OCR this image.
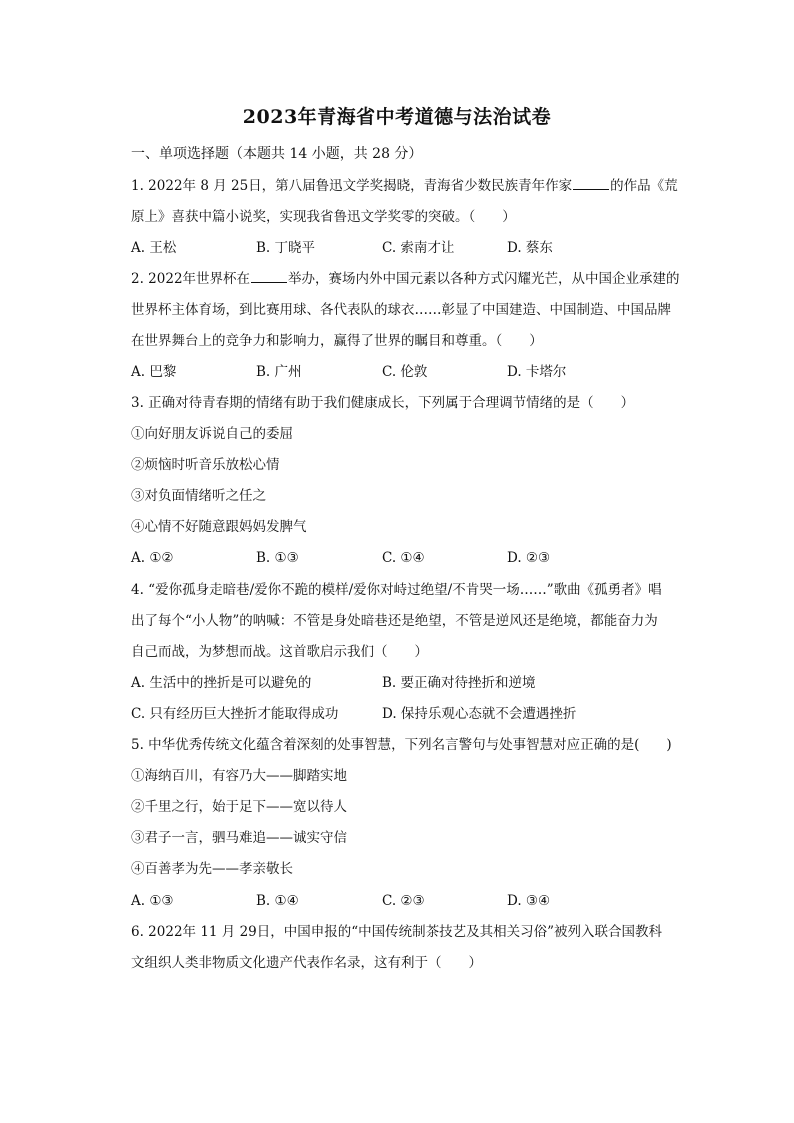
2023年青海省中考道德与法治试卷
一、单项选择题（本题共 14 小题，共 28 分）
1. 2022年 8 月 25日，第八届鲁迅文学奖揭晓，青海省少数民族青年作家	的作品《荒
原上》喜获中篇小说奖，实现我省鲁迅文学奖零的突破。（　　）
A. 王松	B. 丁晓平	C. 索南才让	D. 蔡东
2. 2022年世界杯在	举办，赛场内外中国元素以各种方式闪耀光芒，从中国企业承建的
世界杯主体育场，到比赛用球、各代表队的球衣……彰显了中国建造、中国制造、中国品牌
在世界舞台上的竞争力和影响力，赢得了世界的瞩目和尊重。（　　）
A. 巴黎	B. 广州	C. 伦敦	D. 卡塔尔
3. 正确对待青春期的情绪有助于我们健康成长，下列属于合理调节情绪的是（　　）
①向好朋友诉说自己的委屈
②烦恼时听音乐放松心情
③对负面情绪听之任之
④心情不好随意跟妈妈发脾气
A. ①②	B. ①③	C. ①④	D. ②③
4. “爱你孤身走暗巷/爱你不跪的模样/爱你对峙过绝望/不肯哭一场……”歌曲《孤勇者》唱
出了每个“小人物”的呐喊：不管是身处暗巷还是绝望，不管是逆风还是绝境，都能奋力为
自己而战，为梦想而战。这首歌启示我们（　　）
A. 生活中的挫折是可以避免的	B. 要正确对待挫折和逆境
C. 只有经历巨大挫折才能取得成功	D. 保持乐观心态就不会遭遇挫折
5. 中华优秀传统文化蕴含着深刻的处事智慧，下列名言警句与处事智慧对应正确的是(　　)
①海纳百川，有容乃大——脚踏实地
②千里之行，始于足下——宽以待人
③君子一言，驷马难追——诚实守信
④百善孝为先——孝亲敬长
A. ①③	B. ①④	C. ②③	D. ③④
6. 2022年 11 月 29日，中国申报的“中国传统制茶技艺及其相关习俗”被列入联合国教科
文组织人类非物质文化遗产代表作名录，这有利于（　　）
